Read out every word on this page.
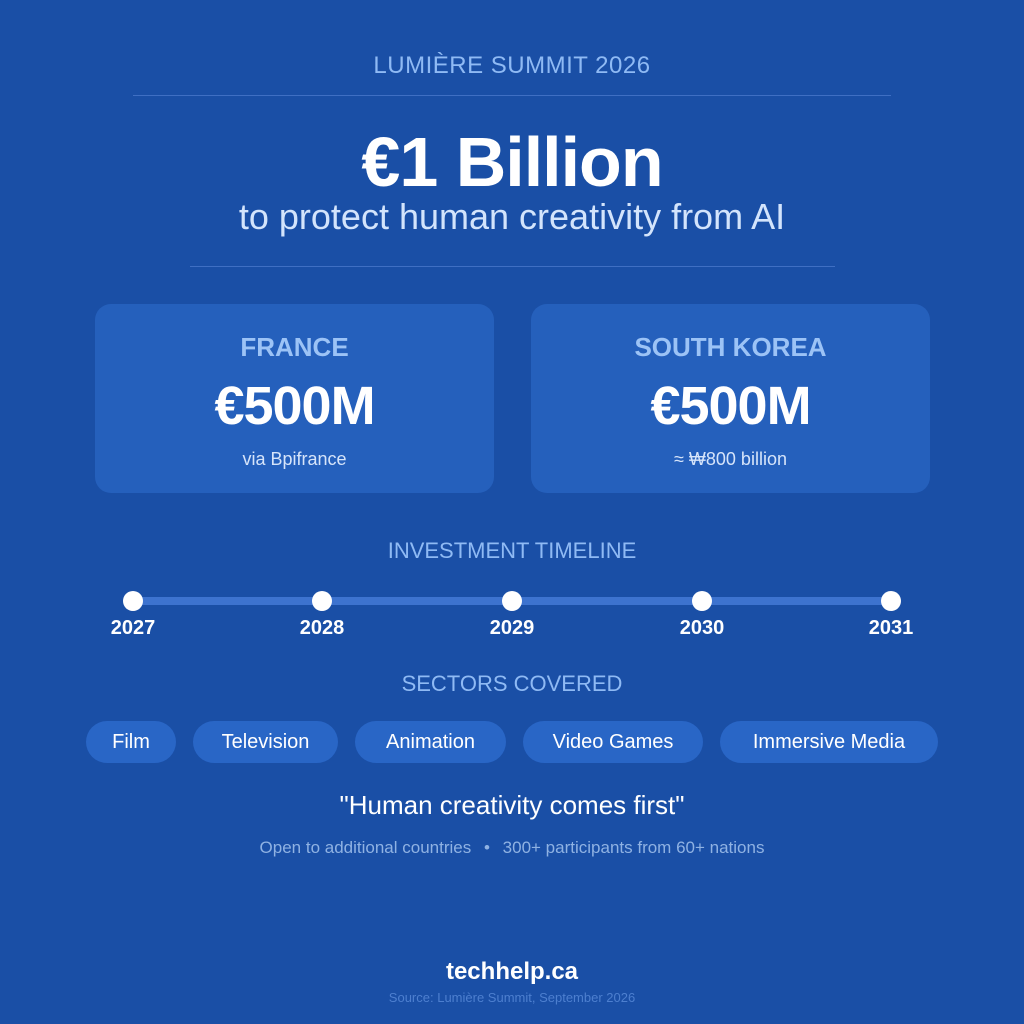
LUMIÈRE SUMMIT 2026
€1 Billion
to protect human creativity from AI
FRANCE
€500M
via Bpifrance
SOUTH KOREA
€500M
≈ ₩800 billion
INVESTMENT TIMELINE
2027	2028	2029	2030	2031
SECTORS COVERED
Film	Television	Animation	Video Games	Immersive Media
"Human creativity comes first"
Open to additional countries • 300+ participants from 60+ nations
techhelp.ca
Source: Lumière Summit, September 2026
